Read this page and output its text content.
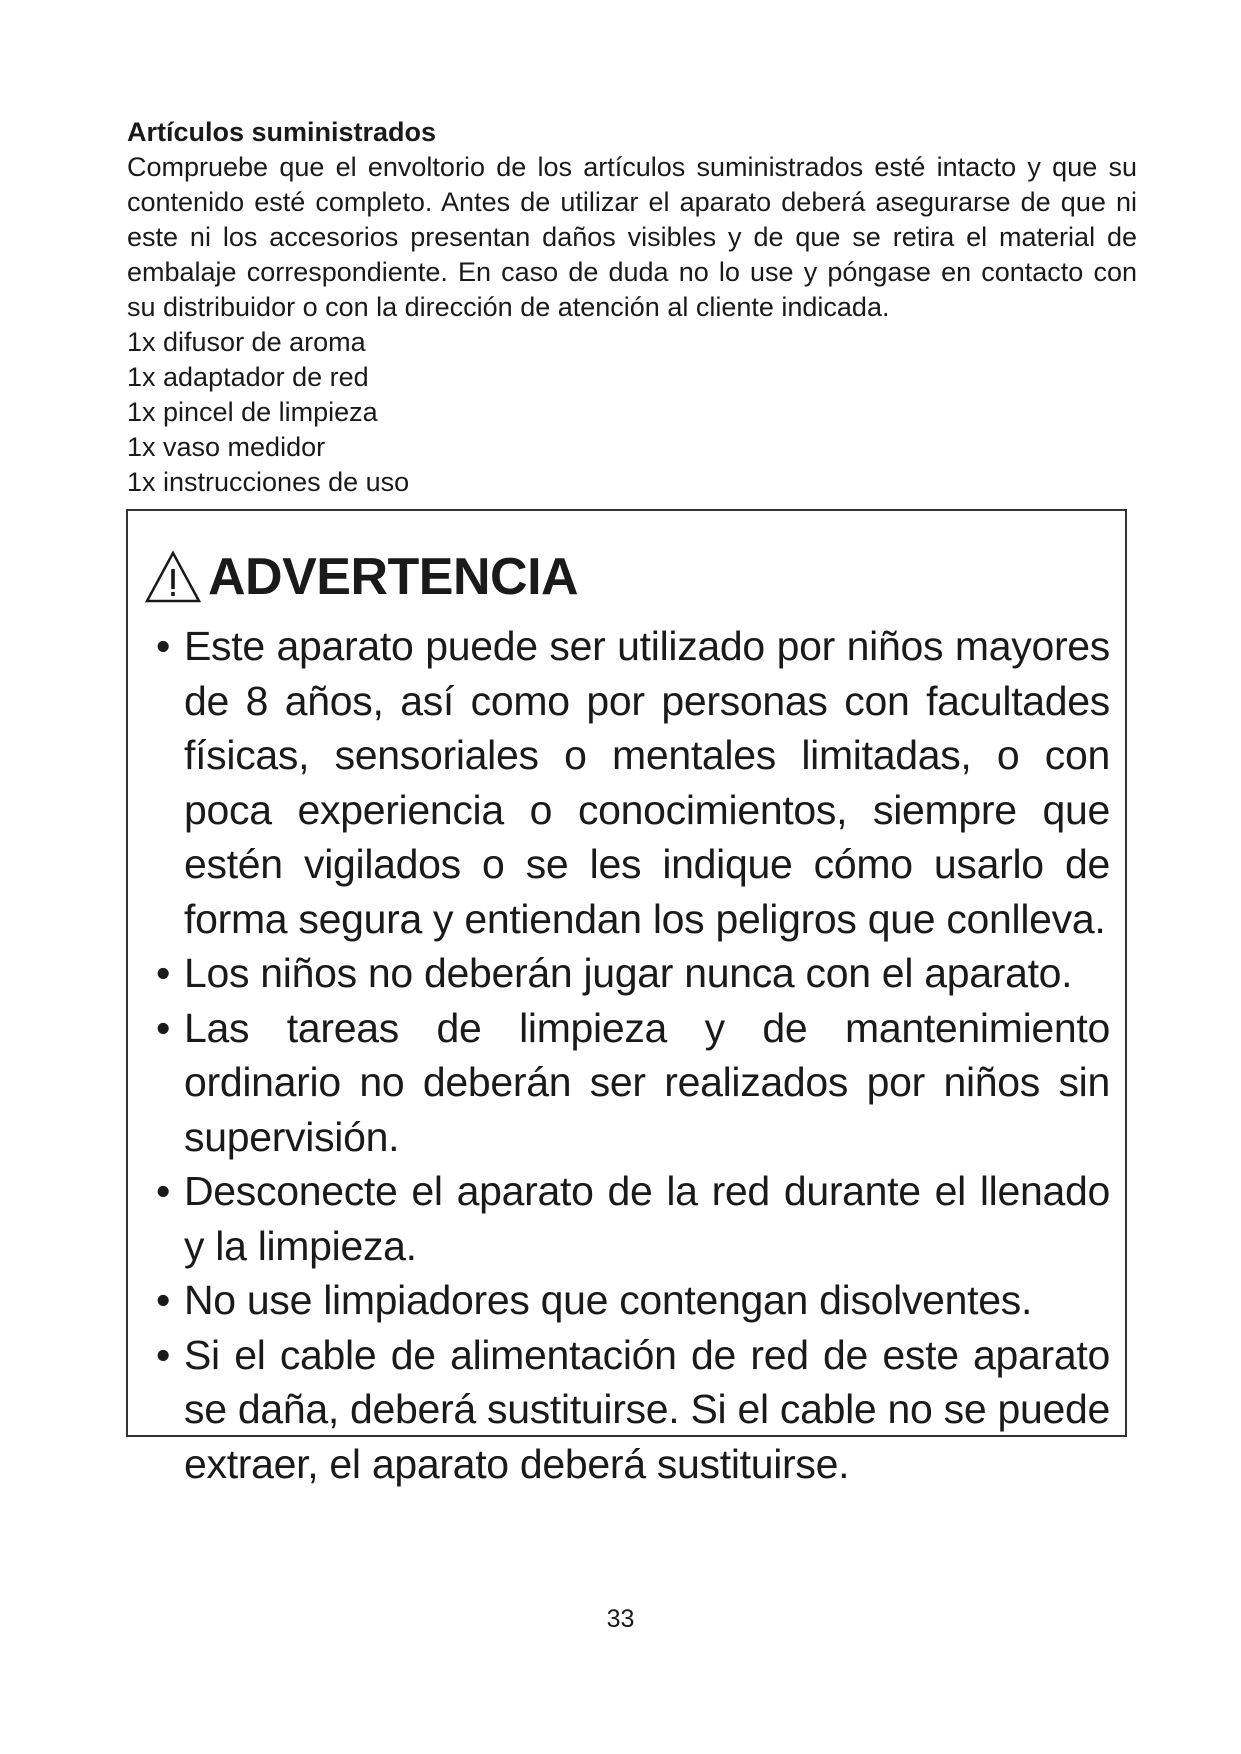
Artículos suministrados

Compruebe que el envoltorio de los artículos suministrados esté intacto y que su contenido esté completo. Antes de utilizar el aparato deberá asegurarse de que ni este ni los accesorios presentan daños visibles y de que se retira el material de embalaje correspondiente. En caso de duda no lo use y póngase en contacto con su distribuidor o con la dirección de atención al cliente indicada.

1x difusor de aroma
1x adaptador de red
1x pincel de limpieza
1x vaso medidor
1x instrucciones de uso
ADVERTENCIA
• Este aparato puede ser utilizado por niños mayores de 8 años, así como por personas con facultades físicas, sensoriales o mentales limitadas, o con poca experiencia o conocimientos, siempre que estén vigilados o se les indique cómo usarlo de forma segura y entiendan los peligros que conlleva.
• Los niños no deberán jugar nunca con el aparato.
• Las tareas de limpieza y de mantenimiento ordinario no deberán ser realizados por niños sin supervisión.
• Desconecte el aparato de la red durante el llenado y la limpieza.
• No use limpiadores que contengan disolventes.
• Si el cable de alimentación de red de este aparato se daña, deberá sustituirse. Si el cable no se puede extraer, el aparato deberá sustituirse.
33
